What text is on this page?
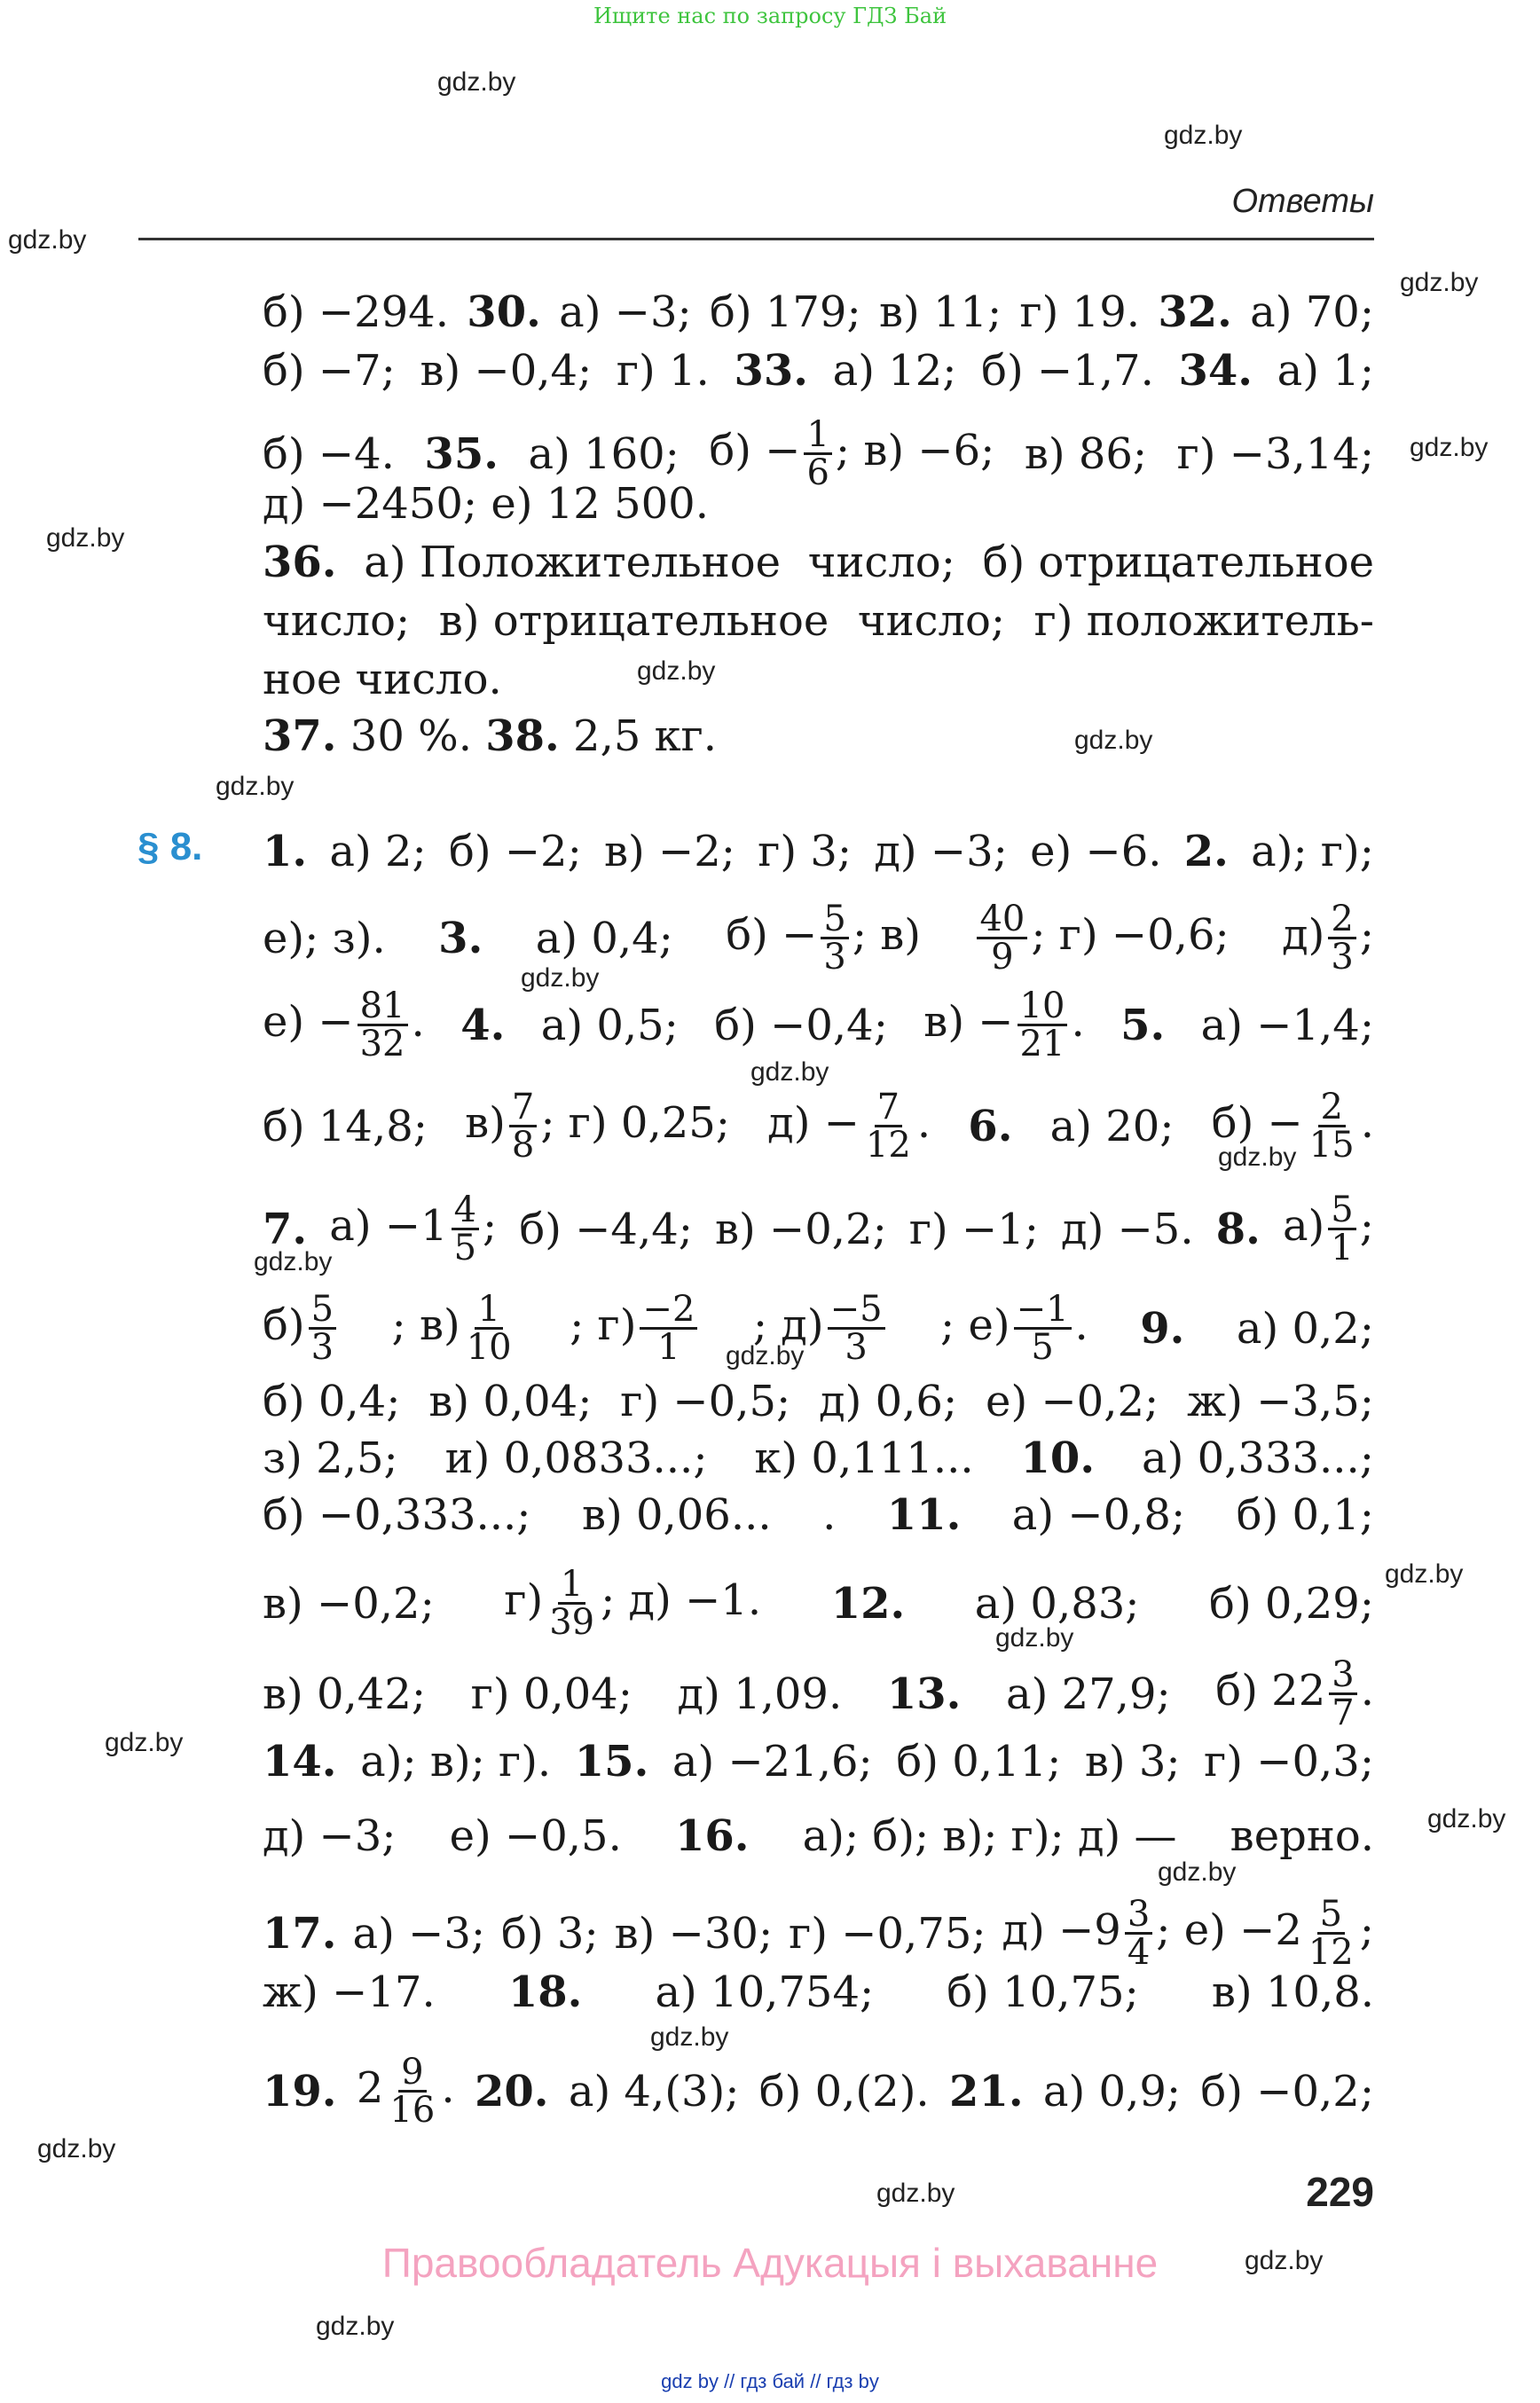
Ищите нас по запросу ГДЗ Бай
gdz.by
gdz.by
gdz.by
gdz.by
gdz.by
gdz.by
gdz.by
gdz.by
gdz.by
gdz.by
gdz.by
gdz.by
gdz.by
gdz.by
gdz.by
gdz.by
gdz.by
gdz.by
gdz.by
gdz.by
gdz.by
gdz.by
gdz.by
gdz.by
Ответы
б) −294. 30. а) −3; б) 179; в) 11; г) 19. 32. а) 70;
б) −7; в) −0,4; г) 1. 33. а) 12; б) −1,7. 34. а) 1;
б) −4. 35. а) 160; $б) - \frac{1}{6}$ ; в) −6; в) 86; г) −3,14;
д) −2450; е) 12 500.
36. а) Положительное число; б) отрицательное
число; в) отрицательное число; г) положитель-
ное число.
37.
30 %.
38.
2,5 кг.
§ 8. 1. а) 2; б) −2; в) −2; г) 3; д) −3; е) −6. 2. а); г);
е); з). 3. а) 0,4; $б) - \frac{5}{3}$ ; $в) \frac{40}{9}$ ; г) −0,6; $д) \frac{2}{3}$ ;
$е) - \frac{81}{32}$ . 4. а) 0,5; б) −0,4; $в) - \frac{10}{21}$ . 5. а) −1,4;
б) 14,8; $в) \frac{7}{8}$ ; г) 0,25; $д) - \frac{7}{12}$ . 6. а) 20; $б) - \frac{2}{15}$ .
7. $а) -1 \frac{4}{5}$ ; б) −4,4; в) −0,2; г) −1; д) −5. 8. $а) \frac{5}{1}$ ;
$б) \frac{5}{3}$ ; $в) \frac{1}{10}$ ; $г) \frac{-2}{1}$ ; $д) \frac{-5}{3}$ ; $е) \frac{-1}{5}$ . 9. а) 0,2;
б) 0,4; в) 0,04; г) −0,5; д) 0,6; е) −0,2; ж) −3,5;
з) 2,5; и) 0,0833...; к) 0,111... 10. а) 0,333...;
б) −0,333...; в) 0,06... . 11. а) −0,8; б) 0,1;
в) −0,2; $г) \frac{1}{39}$ ; д) −1. 12. а) 0,83; б) 0,29;
в) 0,42; г) 0,04; д) 1,09. 13. а) 27,9; б) $22 \frac{3}{7}$ .
14. а); в); г). 15. а) −21,6; б) 0,11; в) 3; г) −0,3;
д) −3; е) −0,5. 16. а); б); в); г); д) — верно.
17. а) −3; б) 3; в) −30; г) −0,75; $д) -9 \frac{3}{4}$ ; $е) -2 \frac{5}{12}$ ;
ж) −17. 18. а) 10,754; б) 10,75; в) 10,8.
19. $2 \frac{9}{16}$ . 20. а) 4,(3); б) 0,(2). 21. а) 0,9; б) −0,2;
229
Правообладатель Адукацыя і выхаванне
gdz by // гдз бай // гдз by
